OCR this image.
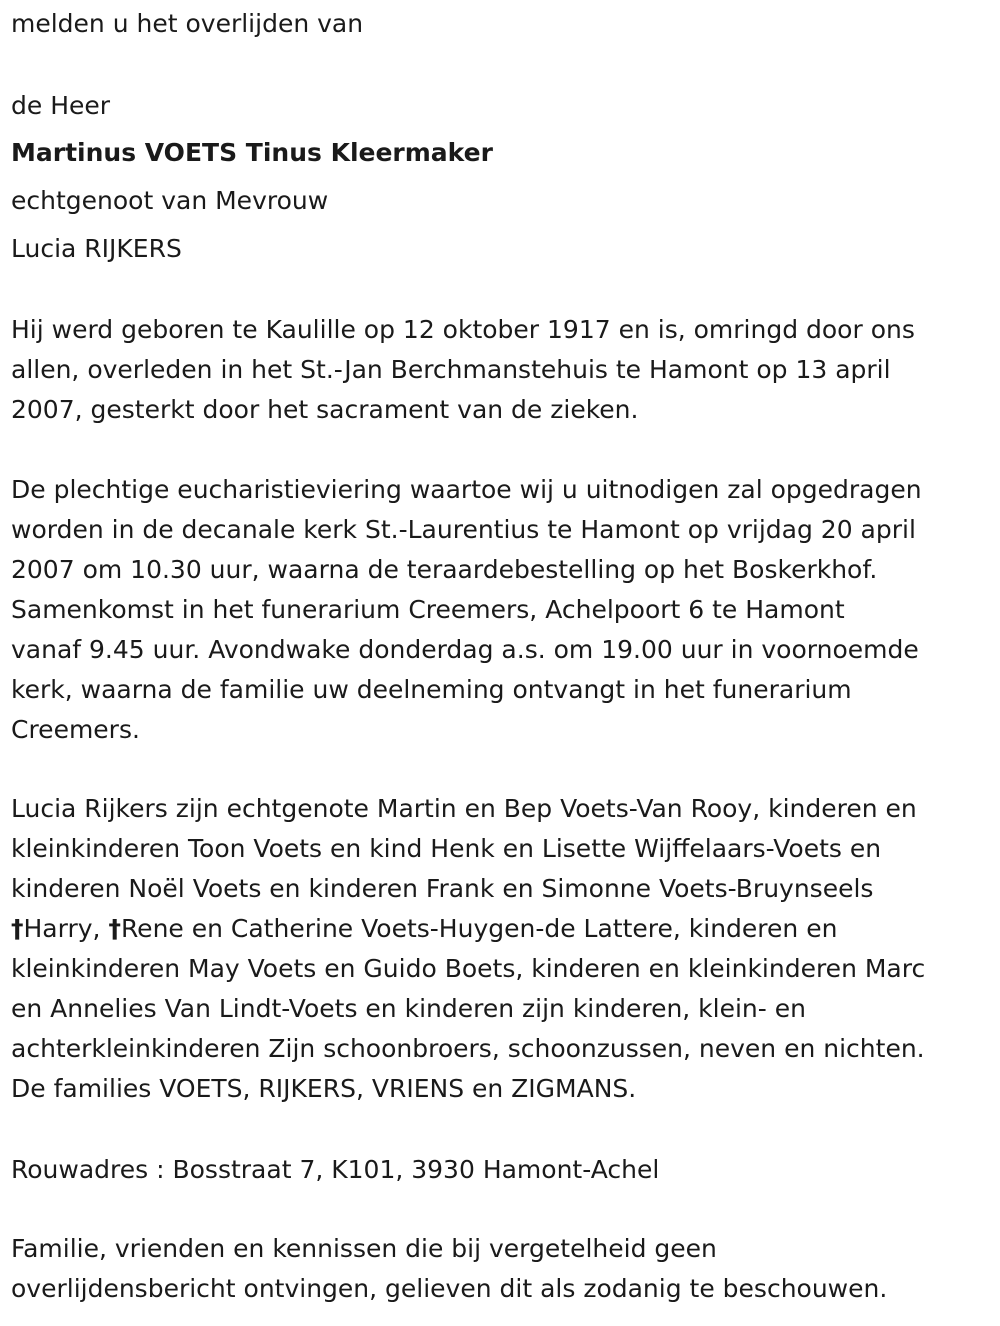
melden u het overlijden van

de Heer

Martinus VOETS Tinus Kleermaker

echtgenoot van Mevrouw

Lucia RIJKERS

Hij werd geboren te Kaulille op 12 oktober 1917 en is, omringd door ons
allen, overleden in het St.-Jan Berchmanstehuis te Hamont op 13 april
2007, gesterkt door het sacrament van de zieken.
De plechtige eucharistieviering waartoe wij u uitnodigen zal opgedragen
worden in de decanale kerk St.-Laurentius te Hamont op vrijdag 20 april
2007 om 10.30 uur, waarna de teraardebestelling op het Boskerkhof.
Samenkomst in het funerarium Creemers, Achelpoort 6 te Hamont
vanaf 9.45 uur. Avondwake donderdag a.s. om 19.00 uur in voornoemde
kerk, waarna de familie uw deelneming ontvangt in het funerarium
Creemers.
Lucia Rijkers zijn echtgenote Martin en Bep Voets-Van Rooy, kinderen en
kleinkinderen Toon Voets en kind Henk en Lisette Wijffelaars-Voets en
kinderen Noël Voets en kinderen Frank en Simonne Voets-Bruynseels
†Harry, †Rene en Catherine Voets-Huygen-de Lattere, kinderen en
kleinkinderen May Voets en Guido Boets, kinderen en kleinkinderen Marc
en Annelies Van Lindt-Voets en kinderen zijn kinderen, klein- en
achterkleinkinderen Zijn schoonbroers, schoonzussen, neven en nichten.
De families VOETS, RIJKERS, VRIENS en ZIGMANS.

Rouwadres : Bosstraat 7, K101, 3930 Hamont-Achel

Familie, vrienden en kennissen die bij vergetelheid geen
overlijdensbericht ontvingen, gelieven dit als zodanig te beschouwen.
